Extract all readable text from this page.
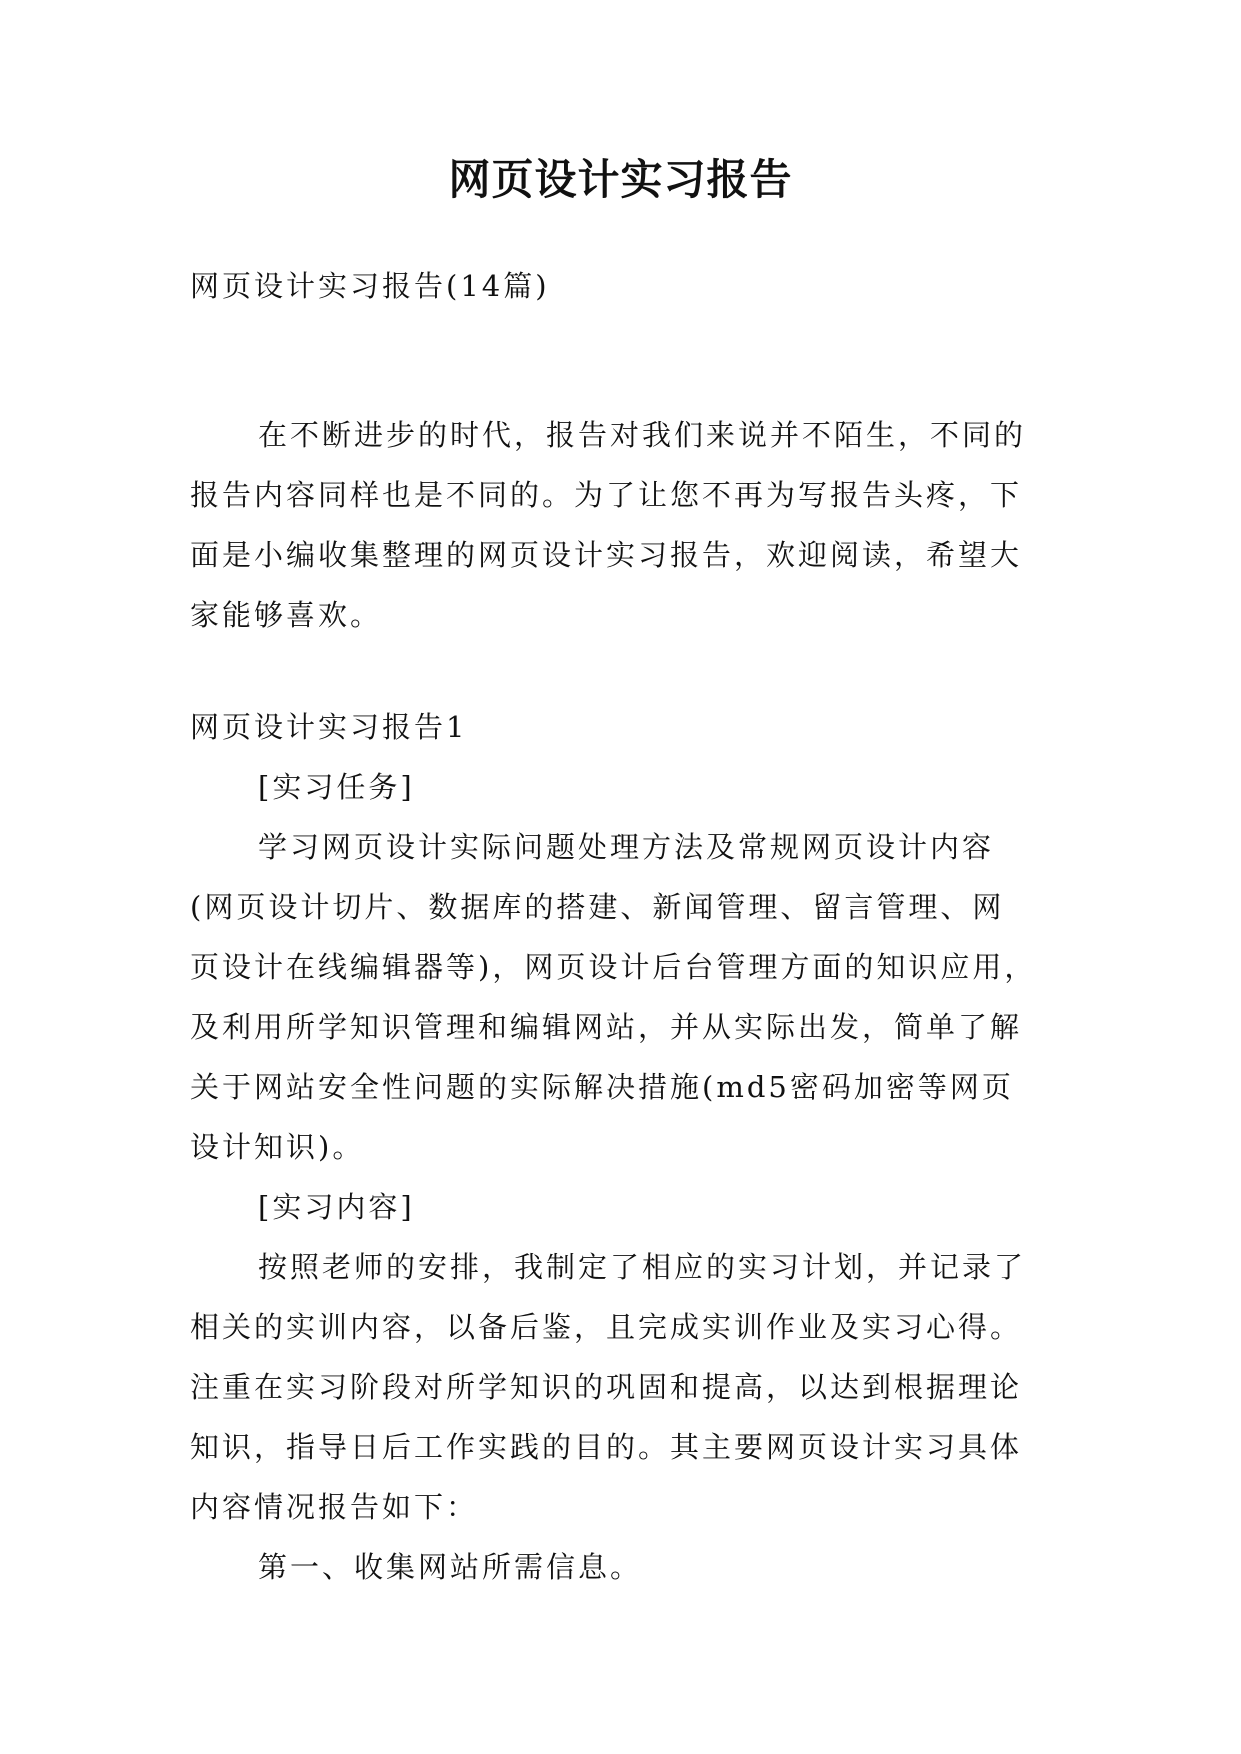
网页设计实习报告
网页设计实习报告(14篇)
在不断进步的时代，报告对我们来说并不陌生，不同的
报告内容同样也是不同的。为了让您不再为写报告头疼，下
面是小编收集整理的网页设计实习报告，欢迎阅读，希望大
家能够喜欢。
网页设计实习报告1
[实习任务]
学习网页设计实际问题处理方法及常规网页设计内容
(网页设计切片、数据库的搭建、新闻管理、留言管理、网
页设计在线编辑器等)，网页设计后台管理方面的知识应用，
及利用所学知识管理和编辑网站，并从实际出发，简单了解
关于网站安全性问题的实际解决措施(md5密码加密等网页
设计知识)。
[实习内容]
按照老师的安排，我制定了相应的实习计划，并记录了
相关的实训内容，以备后鉴，且完成实训作业及实习心得。
注重在实习阶段对所学知识的巩固和提高，以达到根据理论
知识，指导日后工作实践的目的。其主要网页设计实习具体
内容情况报告如下：
第一、收集网站所需信息。
